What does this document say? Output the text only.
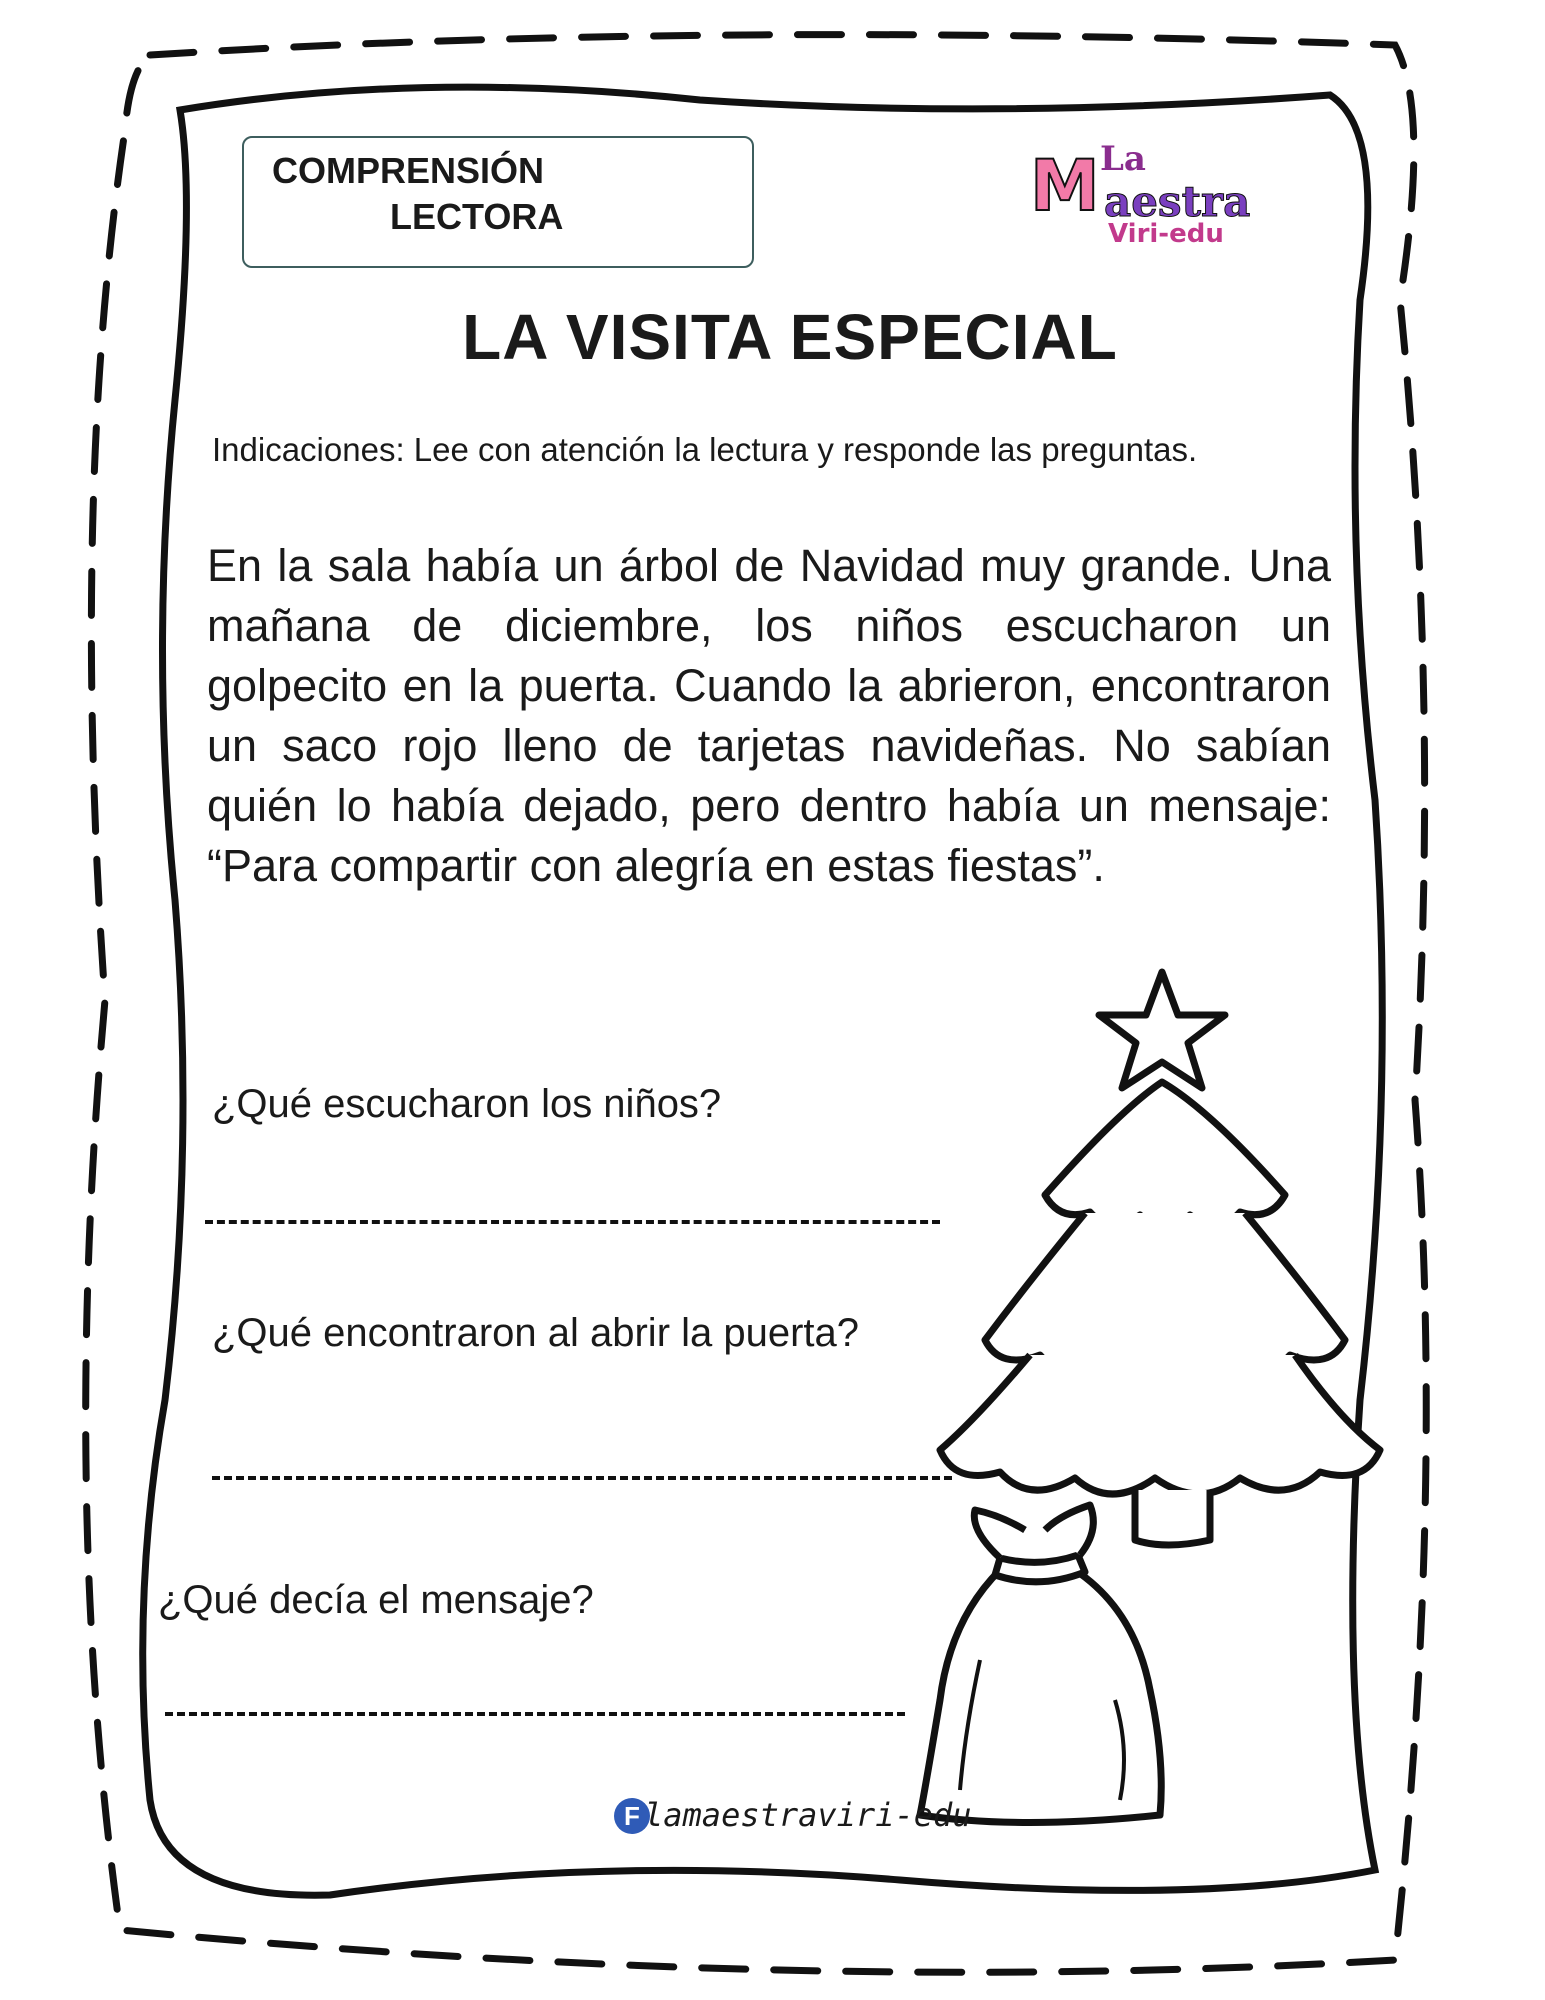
COMPRENSIÓN
LECTORA	M La
aestra
Viri-edu
LA VISITA ESPECIAL
Indicaciones: Lee con atención la lectura y responde las preguntas.
En la sala había un árbol de Navidad muy grande. Una mañana de diciembre, los niños escucharon un golpecito en la puerta. Cuando la abrieron, encontraron un saco rojo lleno de tarjetas navideñas. No sabían quién lo había dejado, pero dentro había un mensaje: “Para compartir con alegría en estas fiestas”.
¿Qué escucharon los niños?
¿Qué encontraron al abrir la puerta?
¿Qué decía el mensaje?
F lamaestraviri-edu
